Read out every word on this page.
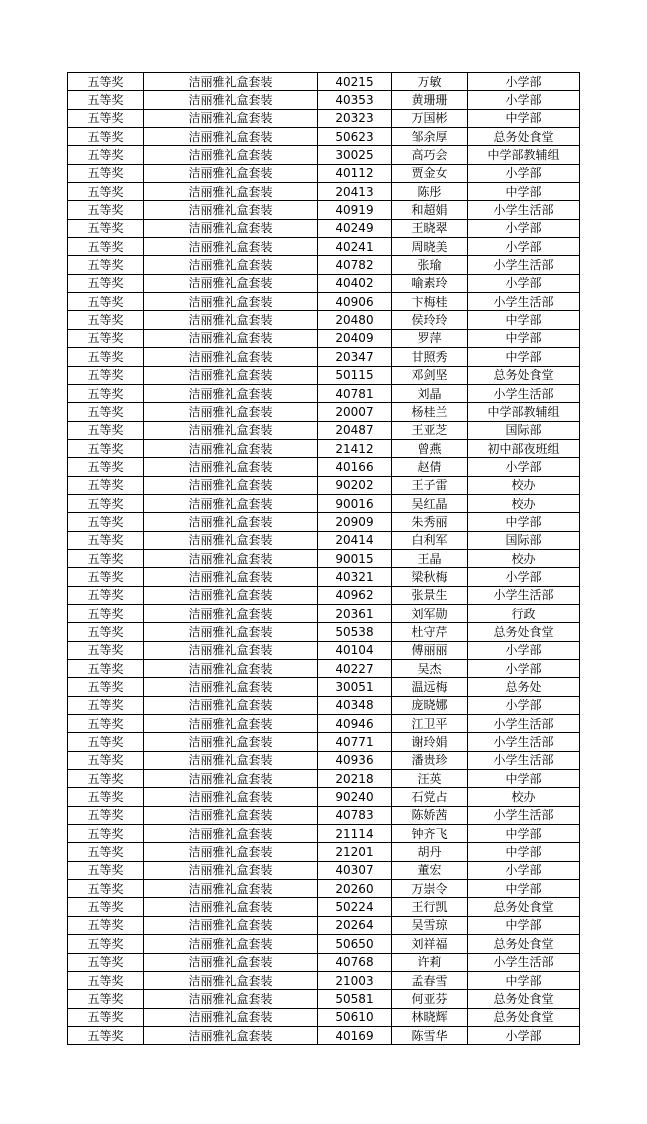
五等奖	洁丽雅礼盒套装	40215	万敏	小学部
五等奖	洁丽雅礼盒套装	40353	黄珊珊	小学部
五等奖	洁丽雅礼盒套装	20323	万国彬	中学部
五等奖	洁丽雅礼盒套装	50623	邹余厚	总务处食堂
五等奖	洁丽雅礼盒套装	30025	高巧会	中学部教辅组
五等奖	洁丽雅礼盒套装	40112	贾金女	小学部
五等奖	洁丽雅礼盒套装	20413	陈彤	中学部
五等奖	洁丽雅礼盒套装	40919	和超娟	小学生活部
五等奖	洁丽雅礼盒套装	40249	王晓翠	小学部
五等奖	洁丽雅礼盒套装	40241	周晓美	小学部
五等奖	洁丽雅礼盒套装	40782	张瑜	小学生活部
五等奖	洁丽雅礼盒套装	40402	喻素玲	小学部
五等奖	洁丽雅礼盒套装	40906	卞梅桂	小学生活部
五等奖	洁丽雅礼盒套装	20480	侯玲玲	中学部
五等奖	洁丽雅礼盒套装	20409	罗萍	中学部
五等奖	洁丽雅礼盒套装	20347	甘照秀	中学部
五等奖	洁丽雅礼盒套装	50115	邓剑坚	总务处食堂
五等奖	洁丽雅礼盒套装	40781	刘晶	小学生活部
五等奖	洁丽雅礼盒套装	20007	杨桂兰	中学部教辅组
五等奖	洁丽雅礼盒套装	20487	王亚芝	国际部
五等奖	洁丽雅礼盒套装	21412	曾燕	初中部夜班组
五等奖	洁丽雅礼盒套装	40166	赵倩	小学部
五等奖	洁丽雅礼盒套装	90202	王子雷	校办
五等奖	洁丽雅礼盒套装	90016	吴红晶	校办
五等奖	洁丽雅礼盒套装	20909	朱秀丽	中学部
五等奖	洁丽雅礼盒套装	20414	白利军	国际部
五等奖	洁丽雅礼盒套装	90015	王晶	校办
五等奖	洁丽雅礼盒套装	40321	梁秋梅	小学部
五等奖	洁丽雅礼盒套装	40962	张景生	小学生活部
五等奖	洁丽雅礼盒套装	20361	刘军勋	行政
五等奖	洁丽雅礼盒套装	50538	杜守芹	总务处食堂
五等奖	洁丽雅礼盒套装	40104	傅丽丽	小学部
五等奖	洁丽雅礼盒套装	40227	吴杰	小学部
五等奖	洁丽雅礼盒套装	30051	温远梅	总务处
五等奖	洁丽雅礼盒套装	40348	庞晓娜	小学部
五等奖	洁丽雅礼盒套装	40946	江卫平	小学生活部
五等奖	洁丽雅礼盒套装	40771	谢玲娟	小学生活部
五等奖	洁丽雅礼盒套装	40936	潘贵珍	小学生活部
五等奖	洁丽雅礼盒套装	20218	汪英	中学部
五等奖	洁丽雅礼盒套装	90240	石党占	校办
五等奖	洁丽雅礼盒套装	40783	陈娇茜	小学生活部
五等奖	洁丽雅礼盒套装	21114	钟齐飞	中学部
五等奖	洁丽雅礼盒套装	21201	胡丹	中学部
五等奖	洁丽雅礼盒套装	40307	董宏	小学部
五等奖	洁丽雅礼盒套装	20260	万崇令	中学部
五等奖	洁丽雅礼盒套装	50224	王行凯	总务处食堂
五等奖	洁丽雅礼盒套装	20264	吴雪琼	中学部
五等奖	洁丽雅礼盒套装	50650	刘祥福	总务处食堂
五等奖	洁丽雅礼盒套装	40768	许莉	小学生活部
五等奖	洁丽雅礼盒套装	21003	孟春雪	中学部
五等奖	洁丽雅礼盒套装	50581	何亚芬	总务处食堂
五等奖	洁丽雅礼盒套装	50610	林晓辉	总务处食堂
五等奖	洁丽雅礼盒套装	40169	陈雪华	小学部
